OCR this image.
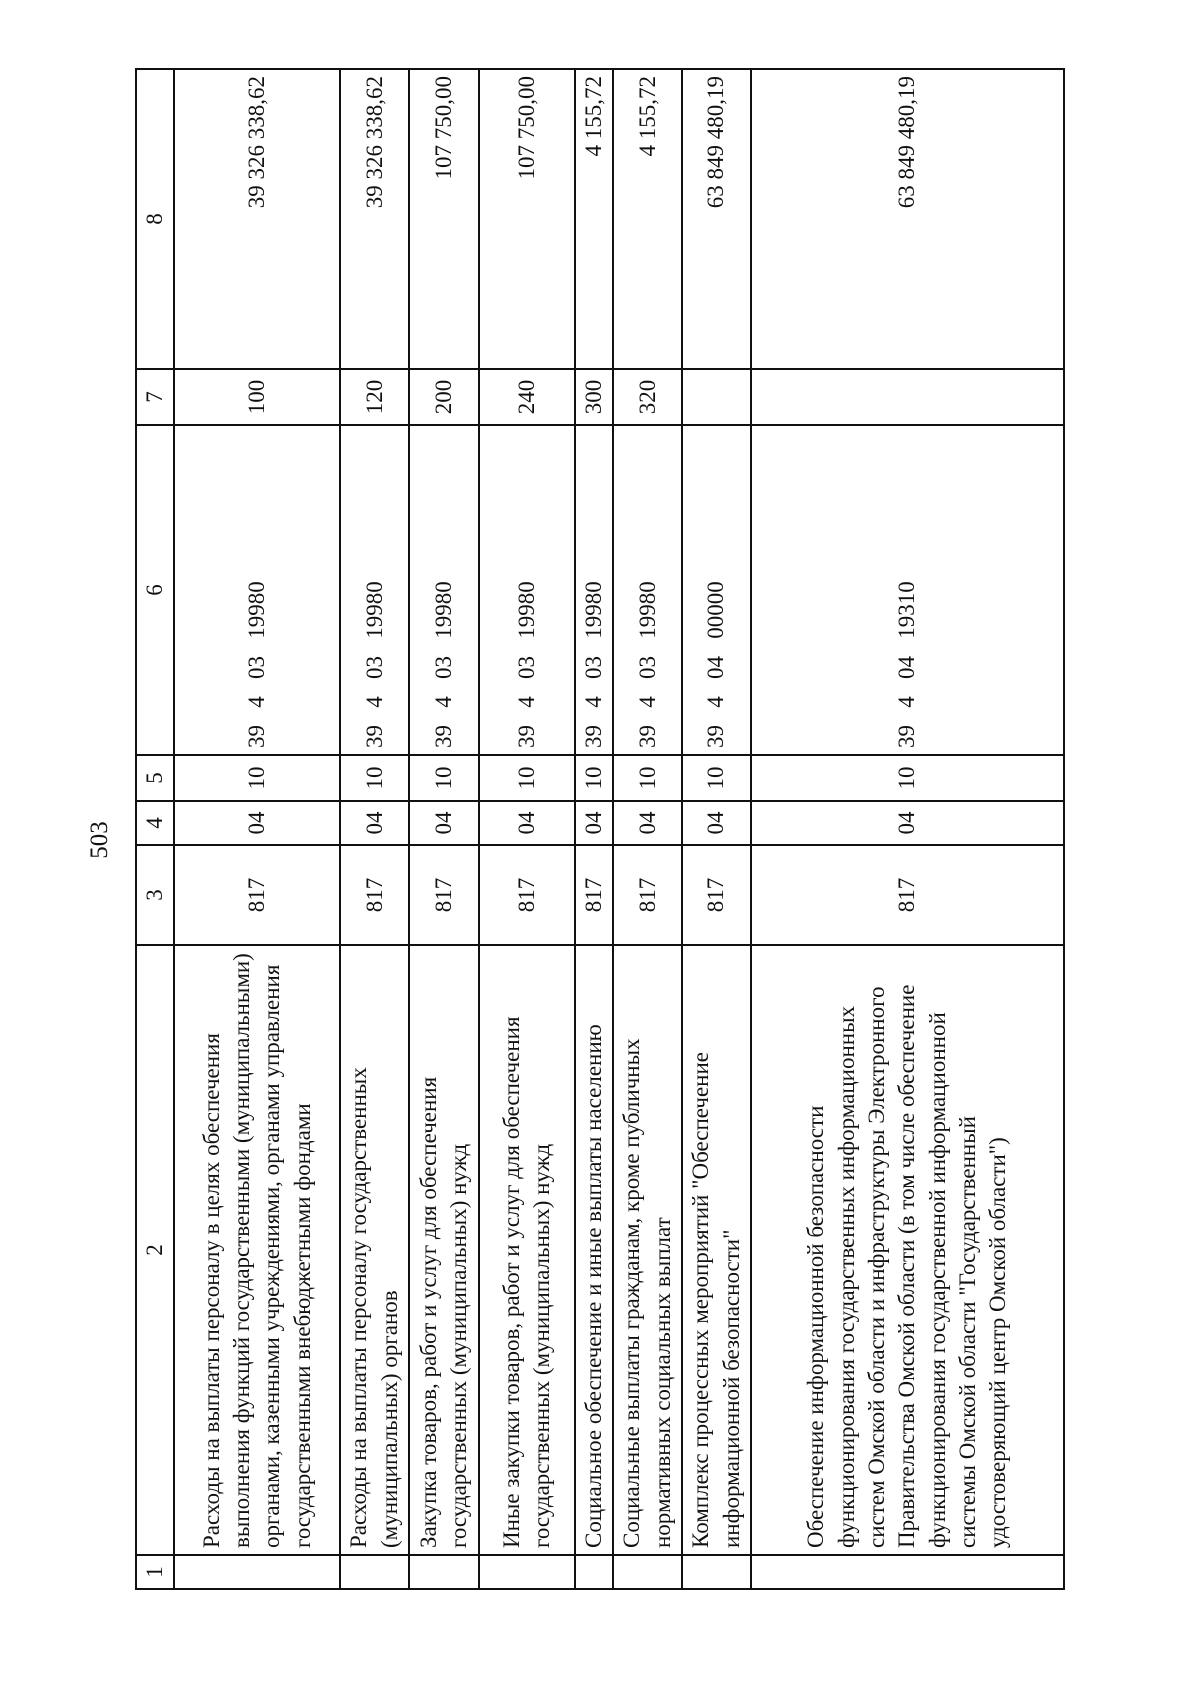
503
1	2	3	4	5	6	7	8
	Расходы на выплаты персоналу в целях обеспечения выполнения функций государственными (муниципальными) органами, казенными учреждениями, органами управления государственными внебюджетными фондами	817	04	10	39   4   03   19980	100	39 326 338,62
	Расходы на выплаты персоналу государственных (муниципальных) органов	817	04	10	39   4   03   19980	120	39 326 338,62
	Закупка товаров, работ и услуг для обеспечения государственных (муниципальных) нужд	817	04	10	39   4   03   19980	200	107 750,00
	Иные закупки товаров, работ и услуг для обеспечения государственных (муниципальных) нужд	817	04	10	39   4   03   19980	240	107 750,00
	Социальное обеспечение и иные выплаты населению	817	04	10	39   4   03   19980	300	4 155,72
	Социальные выплаты гражданам, кроме публичных нормативных социальных выплат	817	04	10	39   4   03   19980	320	4 155,72
	Комплекс процессных мероприятий "Обеспечение информационной безопасности"	817	04	10	39   4   04   00000		63 849 480,19
	Обеспечение информационной безопасности функционирования государственных информационных систем Омской области и инфраструктуры Электронного Правительства Омской области (в том числе обеспечение функционирования государственной информационной системы Омской области "Государственный удостоверяющий центр Омской области")	817	04	10	39   4   04   19310		63 849 480,19
